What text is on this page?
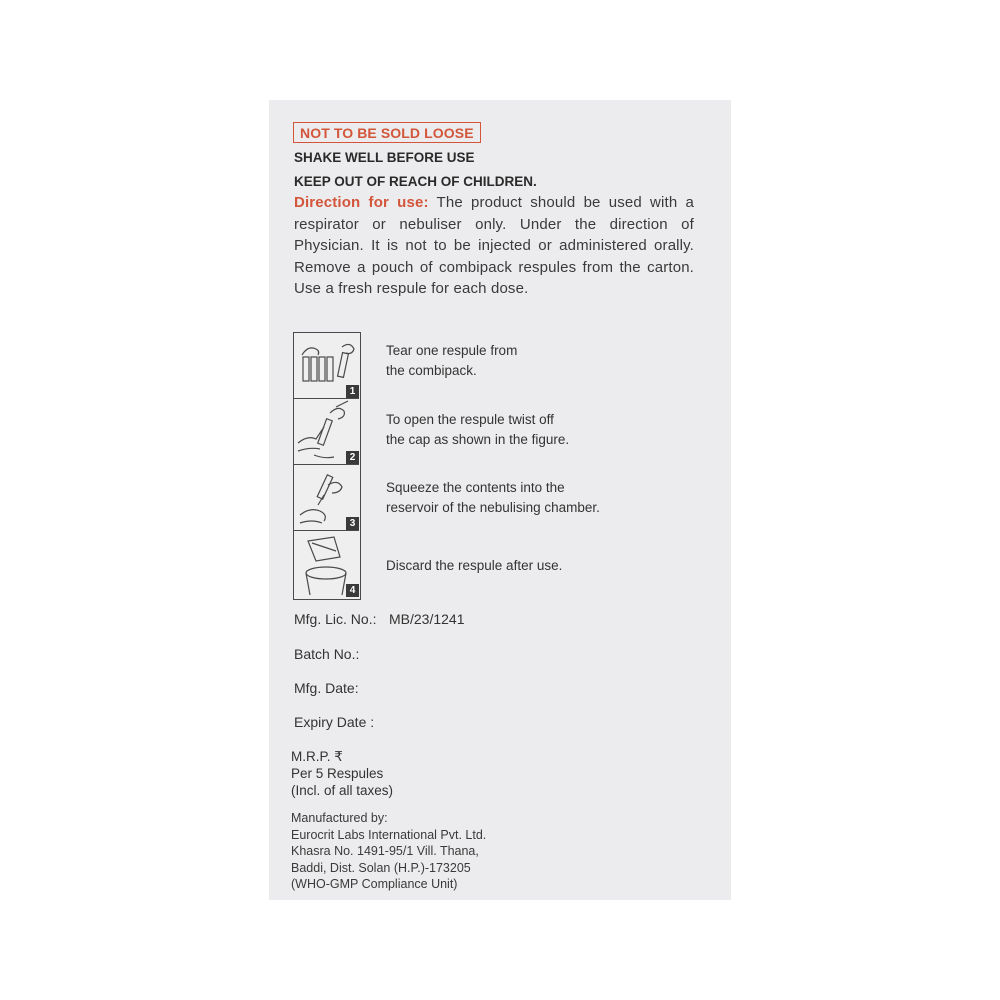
NOT TO BE SOLD LOOSE
SHAKE WELL BEFORE USE
KEEP OUT OF REACH OF CHILDREN.
Direction for use: The product should be used with a respirator or nebuliser only. Under the direction of Physician. It is not to be injected or administered orally. Remove a pouch of combipack respules from the carton. Use a fresh respule for each dose.
1
2
3
4
Tear one respule from
the combipack.
To open the respule twist off
the cap as shown in the figure.
Squeeze the contents into the
reservoir of the nebulising chamber.
Discard the respule after use.
Mfg. Lic. No.: MB/23/1241
Batch No.:
Mfg. Date:
Expiry Date :
M.R.P. ₹
Per 5 Respules
(Incl. of all taxes)
Manufactured by:
Eurocrit Labs International Pvt. Ltd.
Khasra No. 1491-95/1 Vill. Thana,
Baddi, Dist. Solan (H.P.)-173205
(WHO-GMP Compliance Unit)
